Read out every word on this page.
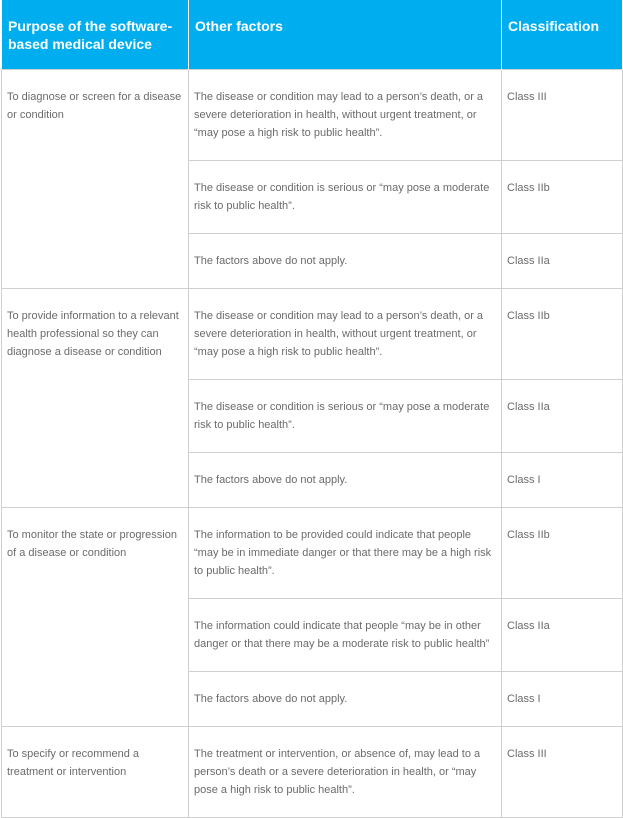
Purpose of the software-based medical device	Other factors	Classification
To diagnose or screen for a disease or condition	The disease or condition may lead to a person’s death, or a severe deterioration in health, without urgent treatment, or “may pose a high risk to public health”.	Class III
	The disease or condition is serious or “may pose a moderate risk to public health”.	Class IIb
	The factors above do not apply.	Class IIa
To provide information to a relevant health professional so they can diagnose a disease or condition	The disease or condition may lead to a person’s death, or a severe deterioration in health, without urgent treatment, or “may pose a high risk to public health”.	Class IIb
	The disease or condition is serious or “may pose a moderate risk to public health”.	Class IIa
	The factors above do not apply.	Class I
To monitor the state or progression of a disease or condition	The information to be provided could indicate that people “may be in immediate danger or that there may be a high risk to public health”.	Class IIb
	The information could indicate that people “may be in other danger or that there may be a moderate risk to public health”	Class IIa
	The factors above do not apply.	Class I
To specify or recommend a treatment or intervention	The treatment or intervention, or absence of, may lead to a person’s death or a severe deterioration in health, or “may pose a high risk to public health”.	Class III
